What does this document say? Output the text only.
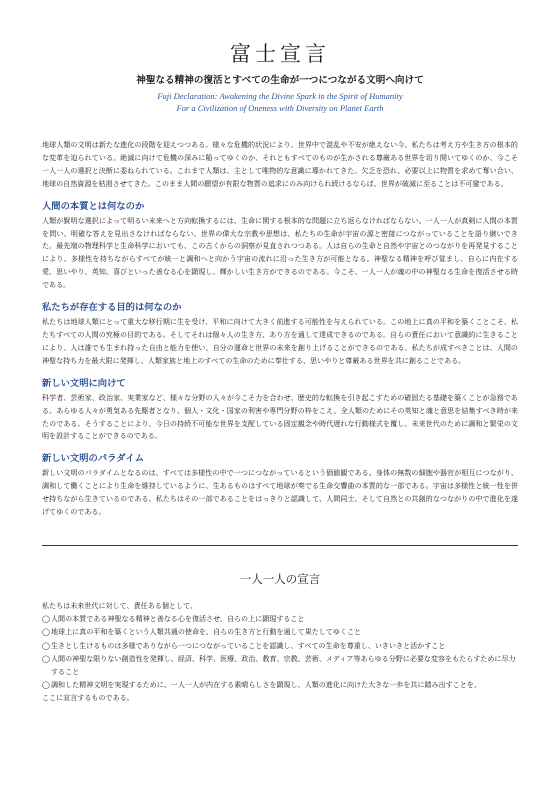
富士宣言
神聖なる精神の復活とすべての生命が一つにつながる文明へ向けて
Fuji Declaration: Awakening the Divine Spark in the Spirit of Humanity
For a Civilization of Oneness with Diversity on Planet Earth

地球人類の文明は新たな進化の段階を迎えつつある。様々な危機的状況により、世界中で混乱や不安が絶えない今、私たちは考え方や生き方の根本的な変革を迫られている。絶滅に向けて危機の深みに陥ってゆくのか、それともすべてのものが生かされる尊厳ある世界を切り開いてゆくのか、今こそ一人一人の選択と決断に委ねられている。これまで人類は、主として唯物的な意識に導かれてきた。欠乏を恐れ、必要以上に物質を求めて奪い合い、地球の自然資源を枯渇させてきた。このまま人間の願望が有限な物質の追求にのみ向けられ続けるならば、世界が破滅に至ることは不可避である。

人間の本質とは何なのか

人類が賢明な選択によって明るい未来へと方向転換するには、生命に関する根本的な問題に立ち返らなければならない。一人一人が真剣に人間の本質を問い、明確な答えを見出さなければならない。世界の偉大な宗教や思想は、私たちの生命が宇宙の源と密接につながっていることを語り継いできた。最先端の物理科学と生命科学においても、この古くからの洞察が見直されつつある。人は自らの生命と自然や宇宙とのつながりを再発見することにより、多様性を持ちながらすべてが統一と調和へと向かう宇宙の流れに沿った生き方が可能となる。神聖なる精神を呼び覚まし、自らに内在する愛、思いやり、英知、喜びといった善なる心を顕現し、輝かしい生き方ができるのである。今こそ、一人一人が魂の中の神聖なる生命を復活させる時である。

私たちが存在する目的は何なのか

私たちは地球人類にとって重大な移行期に生を受け、平和に向けて大きく前進する可能性を与えられている。この地上に真の平和を築くことこそ、私たちすべての人間の究極の目的である。そしてそれは個々人の生き方、あり方を通して達成できるのである。自らの責任において意識的に生きることにより、人は誰でも生まれ持った自由と能力を使い、自分の運命と世界の未来を創り上げることができるのである。私たちが成すべきことは、人間の神聖な持ち力を最大限に発揮し、人類家族と地上のすべての生命のために奉仕する、思いやりと尊厳ある世界を共に創ることである。

新しい文明に向けて

科学者、芸術家、政治家、実業家など、様々な分野の人々が今こそ力を合わせ、歴史的な転換を引き起こすための確固たる基礎を築くことが急務である。あらゆる人々が勇気ある先駆者となり、個人・文化・国家の利害や専門分野の枠をこえ、全人類のためにその英知と魂と意思を結集すべき時が来たのである。そうすることにより、今日の持続不可能な世界を支配している固定観念や時代遅れな行動様式を覆し、未来世代のために調和と繁栄の文明を設計することができるのである。

新しい文明のパラダイム

新しい文明のパラダイムとなるのは、すべては多様性の中で一つにつながっているという価値観である。身体の無数の細胞や器官が相互につながり、調和して働くことにより生命を維持しているように、生あるものはすべて地球が奏でる生命交響曲の本質的な一部である。宇宙は多様性と統一性を併せ持ちながら生きているのである。私たちはその一部であることをはっきりと認識して、人間同士、そして自然との共創的なつながりの中で進化を遂げてゆくのである。

一人一人の宣言

私たちは未来世代に対して、責任ある個として、

◯ 人間の本質である神聖なる精神と善なる心を復活させ、自らの上に顕現すること
◯ 地球上に真の平和を築くという人類共通の使命を、自らの生き方と行動を通して果たしてゆくこと
◯ 生きとし生けるものは多様でありながら一つにつながっていることを認識し、すべての生命を尊重し、いきいきと活かすこと
◯ 人間の神聖な限りない創造性を発揮し、経済、科学、医療、政治、教育、宗教、芸術、メディア等あらゆる分野に必要な変容をもたらすために尽力すること
◯ 調和した精神文明を実現するために、一人一人が内在する素晴らしさを顕現し、人類の進化に向けた大きな一歩を共に踏み出すことを、

ここに宣言するものである。
